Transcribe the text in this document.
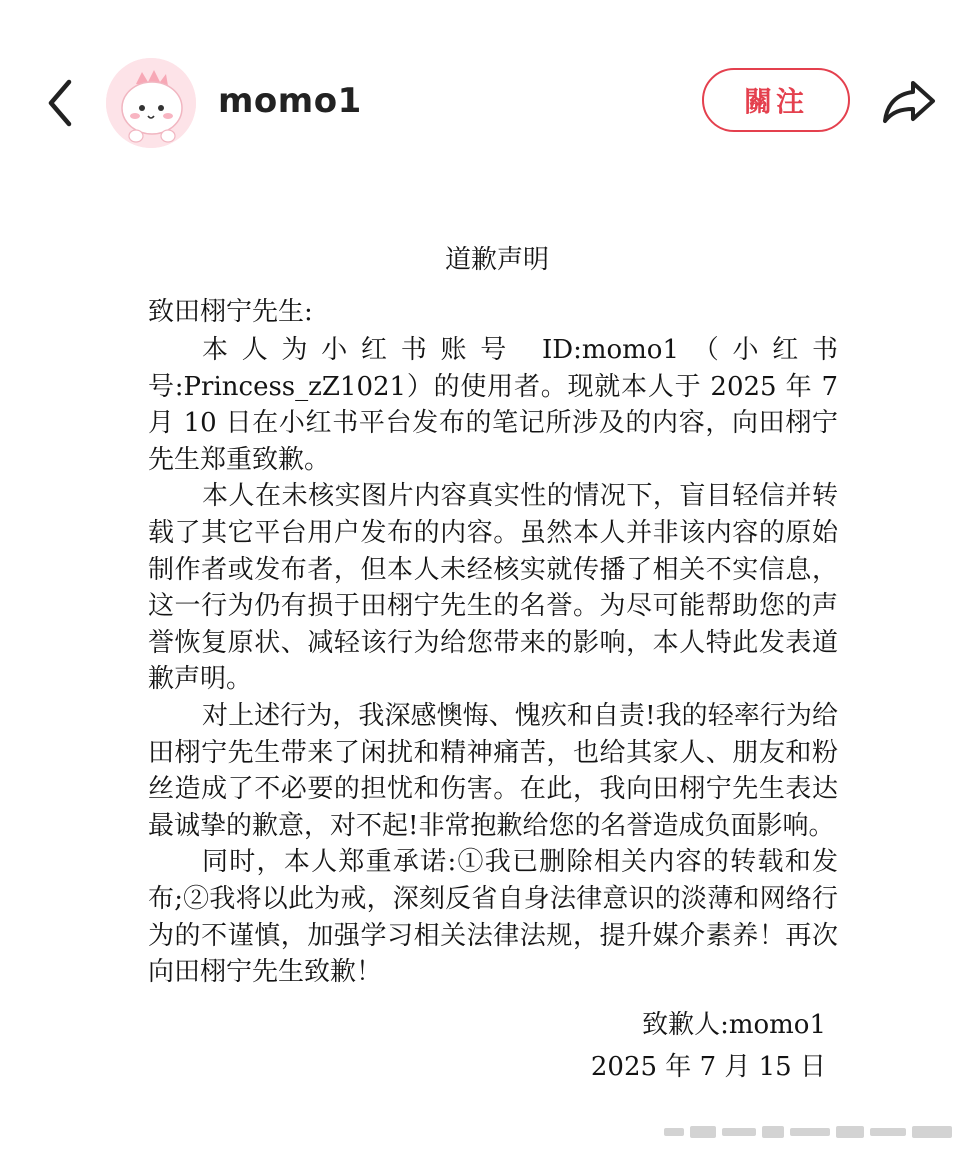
momo1	關注
道歉声明
致田栩宁先生:

本人为小红书账号 ID:momo1（小红书号:Princess_zZ1021）的使用者。现就本人于 2025 年 7 月 10 日在小红书平台发布的笔记所涉及的内容，向田栩宁先生郑重致歉。

本人在未核实图片内容真实性的情况下，盲目轻信并转载了其它平台用户发布的内容。虽然本人并非该内容的原始制作者或发布者，但本人未经核实就传播了相关不实信息，这一行为仍有损于田栩宁先生的名誉。为尽可能帮助您的声誉恢复原状、减轻该行为给您带来的影响，本人特此发表道歉声明。

对上述行为，我深感懊悔、愧疚和自责!我的轻率行为给田栩宁先生带来了闲扰和精神痛苦，也给其家人、朋友和粉丝造成了不必要的担忧和伤害。在此，我向田栩宁先生表达最诚挚的歉意，对不起!非常抱歉给您的名誉造成负面影响。

同时，本人郑重承诺:①我已删除相关内容的转载和发布;②我将以此为戒，深刻反省自身法律意识的淡薄和网络行为的不谨慎，加强学习相关法律法规，提升媒介素养！再次向田栩宁先生致歉！

致歉人:momo1
2025 年 7 月 15 日
